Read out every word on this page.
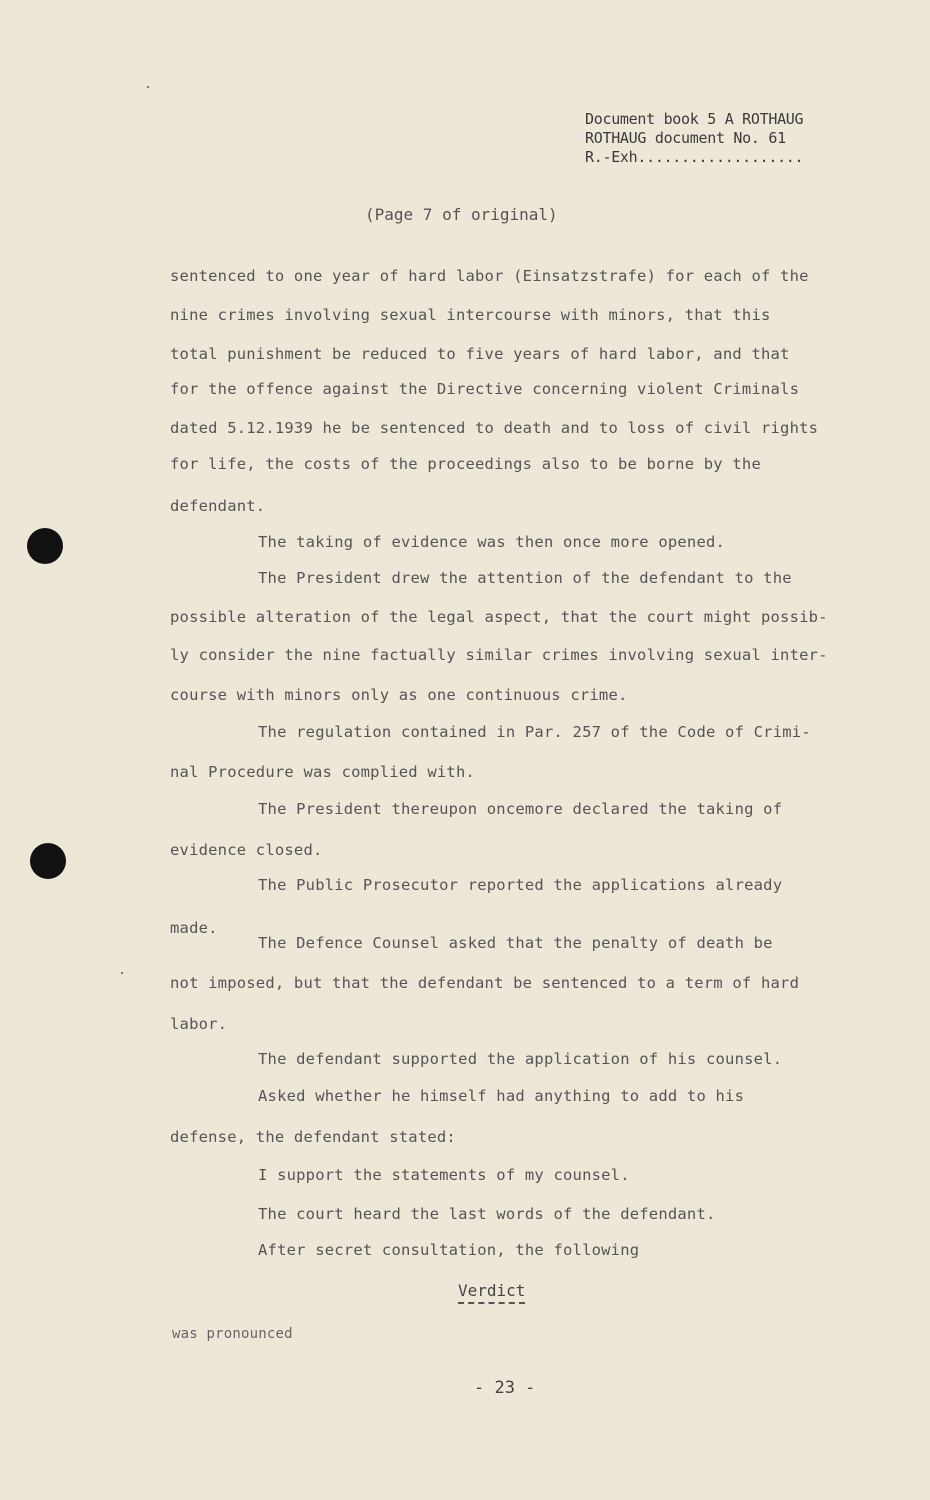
Document book 5 A ROTHAUG
ROTHAUG document No. 61
R.-Exh...................
(Page 7 of original)
sentenced to one year of hard labor (Einsatzstrafe) for each of the
nine crimes involving sexual intercourse with minors, that this
total punishment be reduced to five years of hard labor, and that
for the offence against the Directive concerning violent Criminals
dated 5.12.1939 he be sentenced to death and to loss of civil rights
for life, the costs of the proceedings also to be borne by the
defendant.
The taking of evidence was then once more opened.
The President drew the attention of the defendant to the
possible alteration of the legal aspect, that the court might possib-
ly consider the nine factually similar crimes involving sexual inter-
course with minors only as one continuous crime.
The regulation contained in Par. 257 of the Code of Crimi-
nal Procedure was complied with.
The President thereupon oncemore declared the taking of
evidence closed.
The Public Prosecutor reported the applications already
made.
The Defence Counsel asked that the penalty of death be
not imposed, but that the defendant be sentenced to a term of hard
labor.
The defendant supported the application of his counsel.
Asked whether he himself had anything to add to his
defense, the defendant stated:
I support the statements of my counsel.
The court heard the last words of the defendant.
After secret consultation, the following
Verdict
was pronounced
- 23 -
